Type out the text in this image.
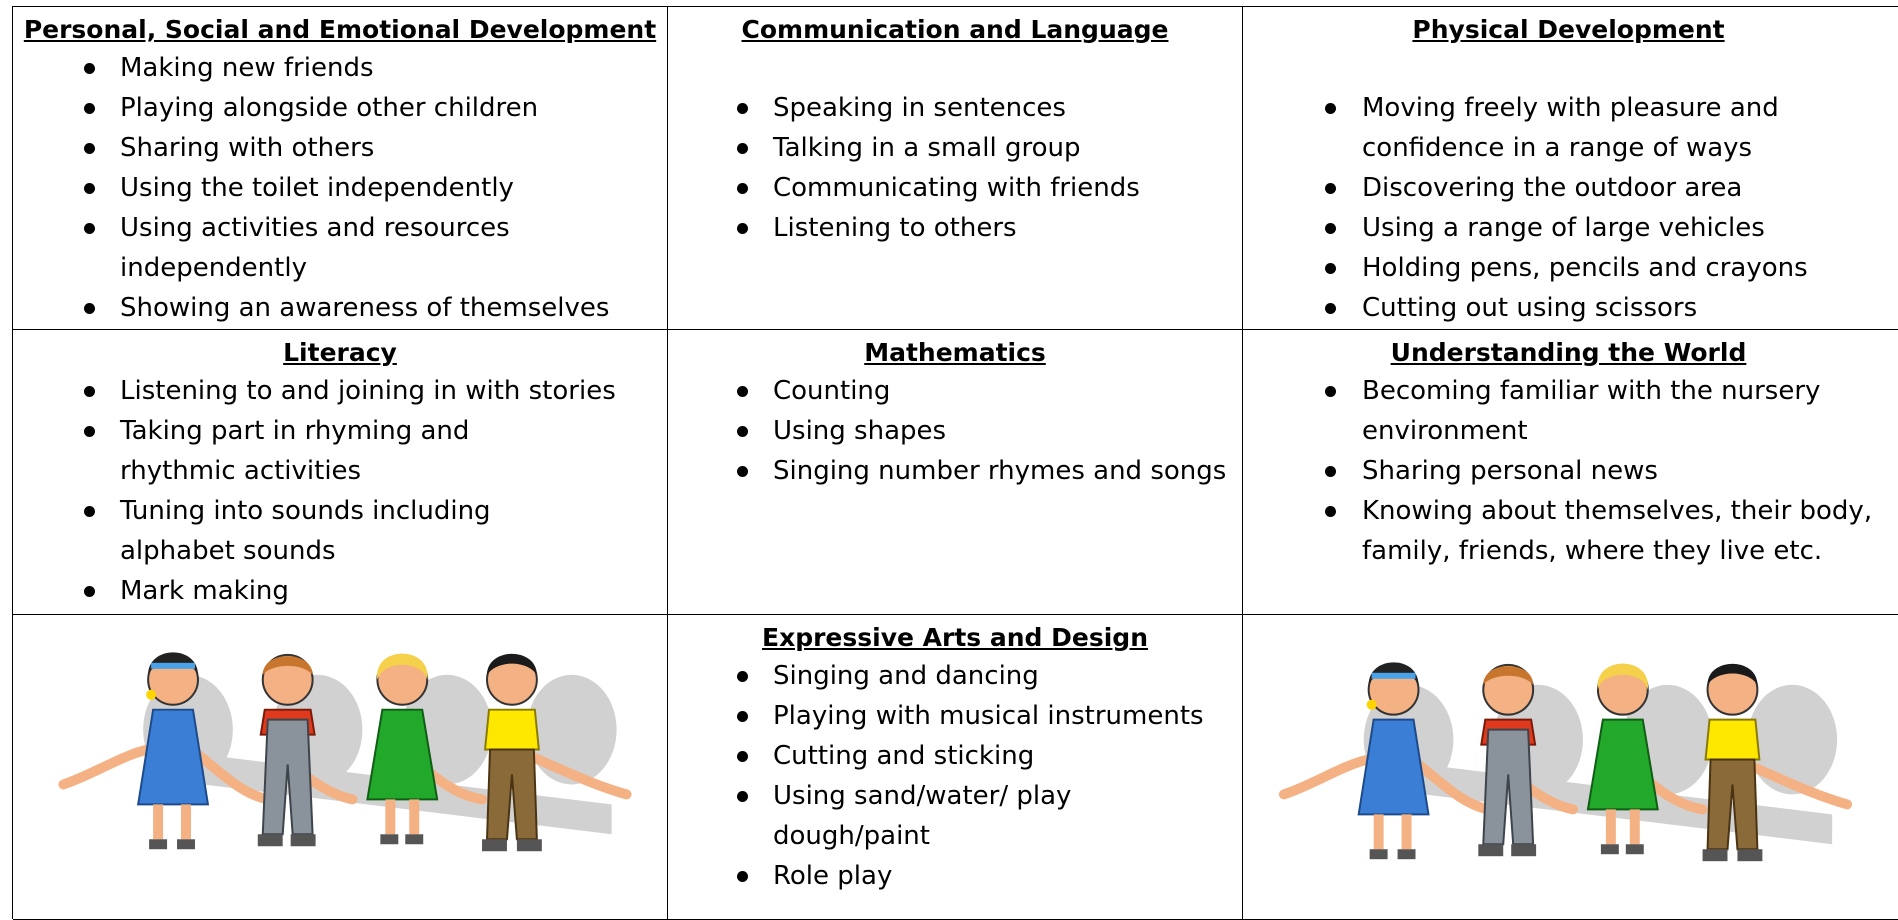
Personal, Social and Emotional Development

Making new friends
Playing alongside other children
Sharing with others
Using the toilet independently
Using activities and resources independently
Showing an awareness of themselves

Communication and Language

Speaking in sentences
Talking in a small group
Communicating with friends
Listening to others

Physical Development

Moving freely with pleasure and confidence in a range of ways
Discovering the outdoor area
Using a range of large vehicles
Holding pens, pencils and crayons
Cutting out using scissors

Literacy

Listening to and joining in with stories
Taking part in rhyming and rhythmic activities
Tuning into sounds including alphabet sounds
Mark making

Mathematics

Counting
Using shapes
Singing number rhymes and songs

Understanding the World

Becoming familiar with the nursery environment
Sharing personal news
Knowing about themselves, their body, family, friends, where they live etc.

Expressive Arts and Design

Singing and dancing
Playing with musical instruments
Cutting and sticking
Using sand/water/ play dough/paint
Role play
